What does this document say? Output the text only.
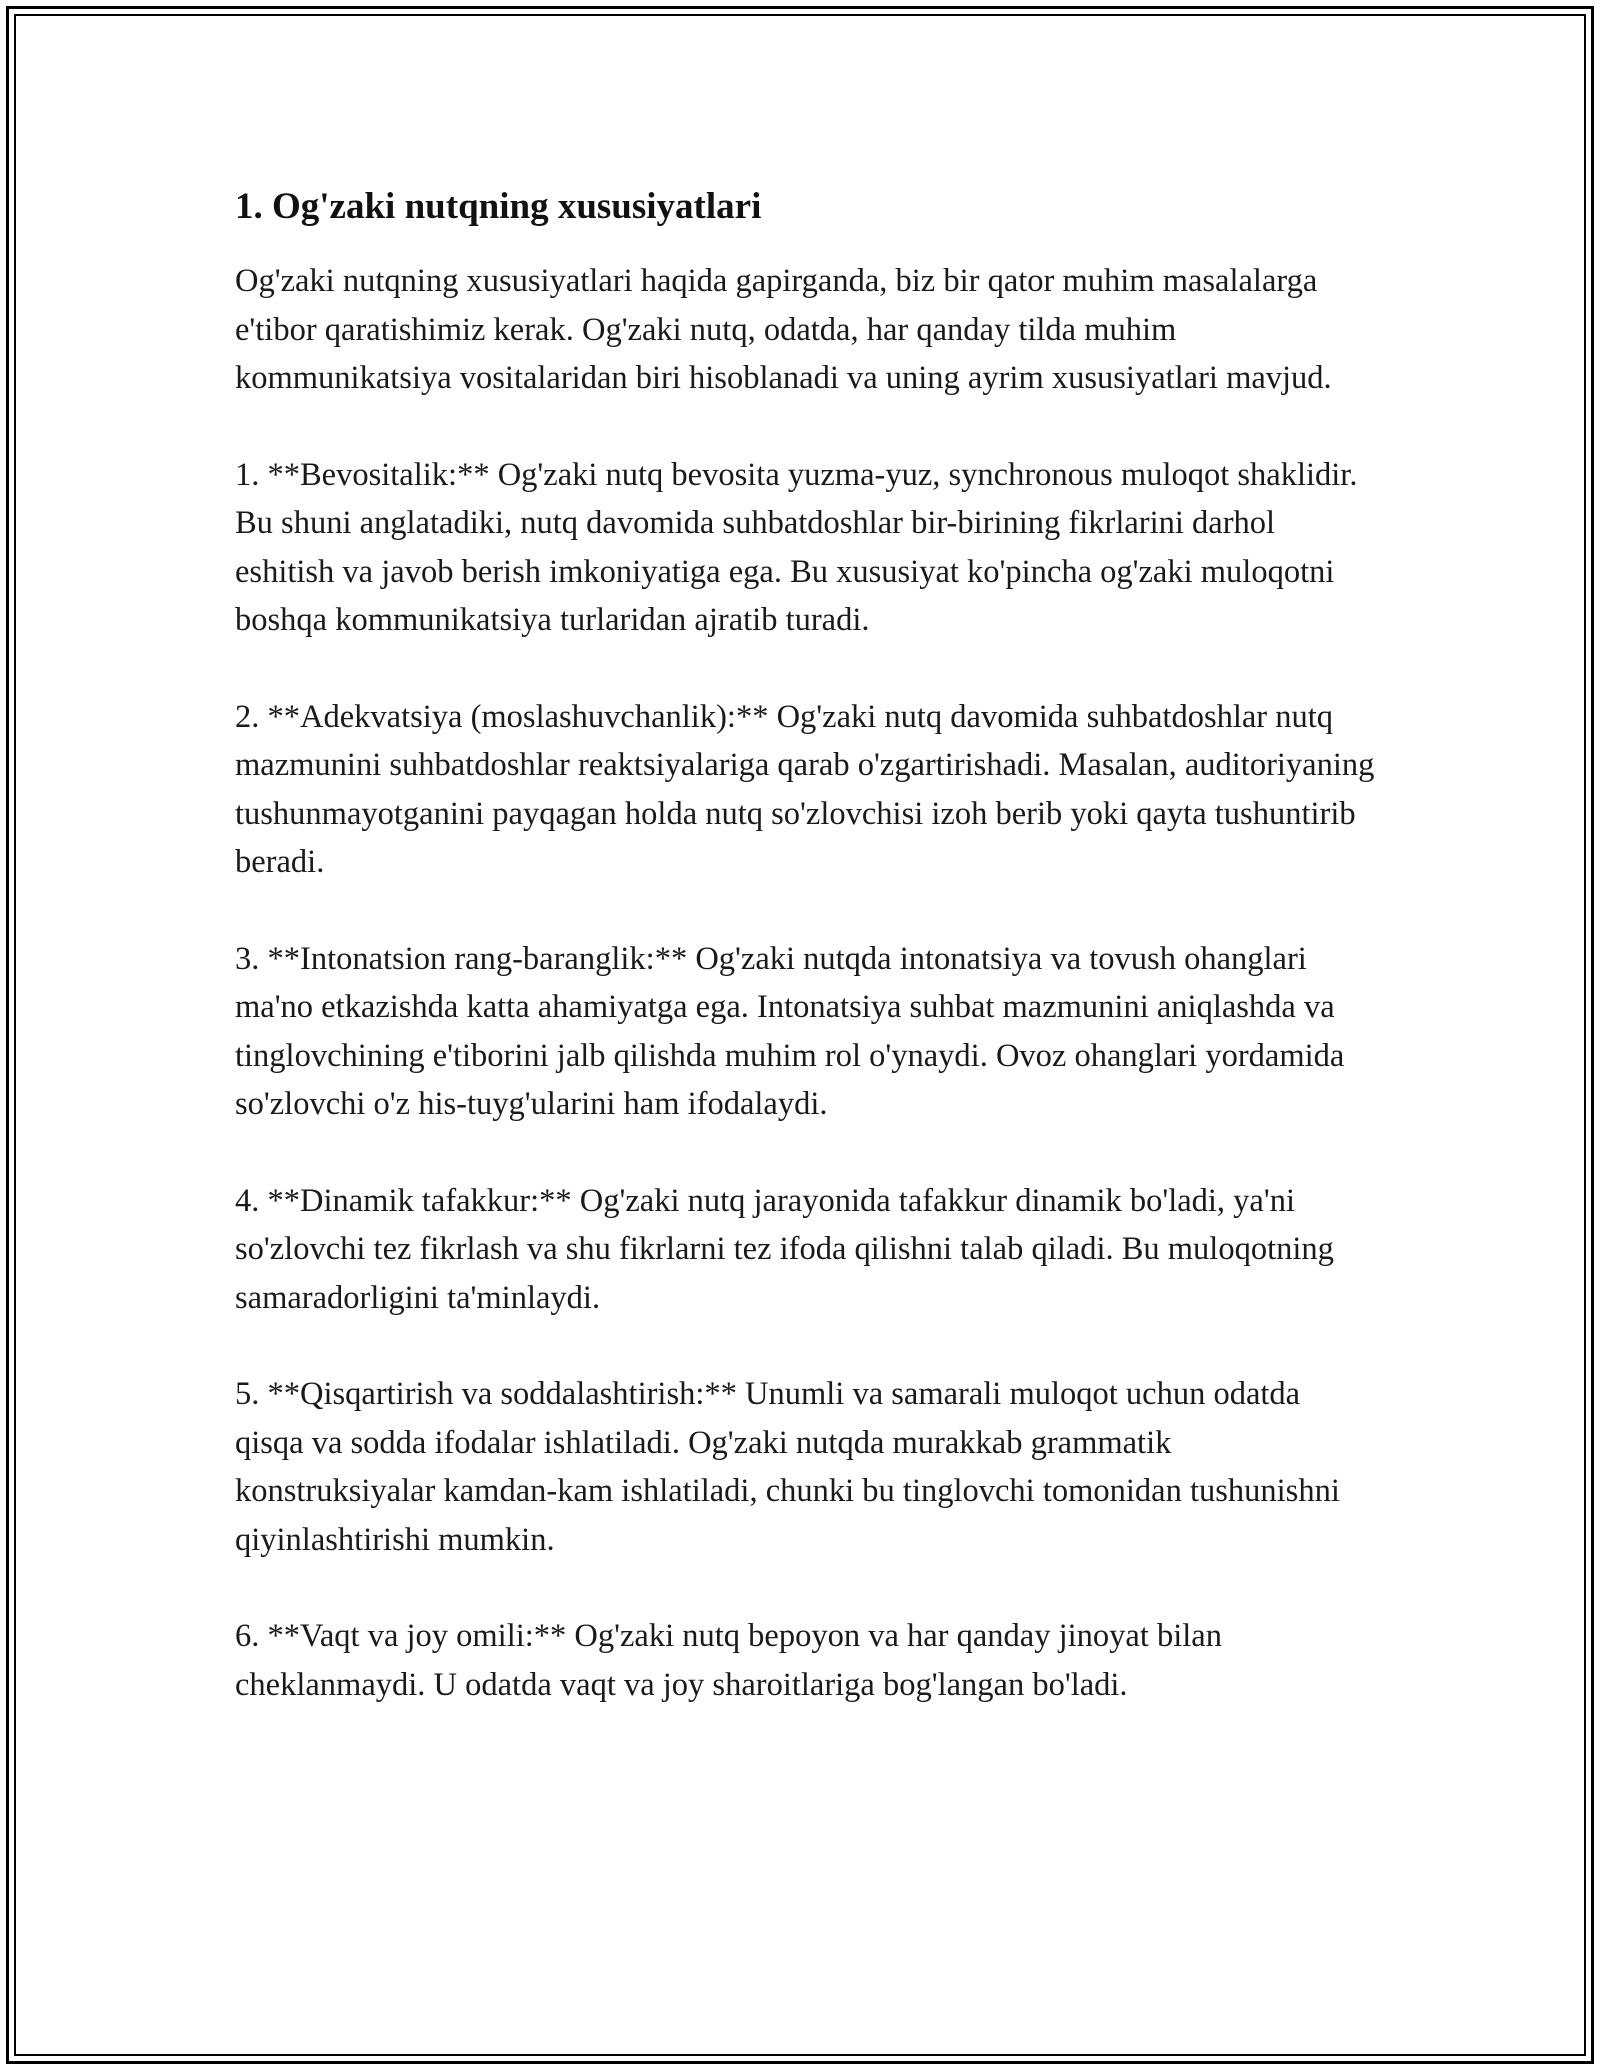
1. Og'zaki nutqning xususiyatlari

Og'zaki nutqning xususiyatlari haqida gapirganda, biz bir qator muhim masalalarga e'tibor qaratishimiz kerak. Og'zaki nutq, odatda, har qanday tilda muhim kommunikatsiya vositalaridan biri hisoblanadi va uning ayrim xususiyatlari mavjud.

1. **Bevositalik:** Og'zaki nutq bevosita yuzma-yuz, synchronous muloqot shaklidir. Bu shuni anglatadiki, nutq davomida suhbatdoshlar bir-birining fikrlarini darhol eshitish va javob berish imkoniyatiga ega. Bu xususiyat ko'pincha og'zaki muloqotni boshqa kommunikatsiya turlaridan ajratib turadi.

2. **Adekvatsiya (moslashuvchanlik):** Og'zaki nutq davomida suhbatdoshlar nutq mazmunini suhbatdoshlar reaktsiyalariga qarab o'zgartirishadi. Masalan, auditoriyaning tushunmayotganini payqagan holda nutq so'zlovchisi izoh berib yoki qayta tushuntirib beradi.

3. **Intonatsion rang-baranglik:** Og'zaki nutqda intonatsiya va tovush ohanglari ma'no etkazishda katta ahamiyatga ega. Intonatsiya suhbat mazmunini aniqlashda va tinglovchining e'tiborini jalb qilishda muhim rol o'ynaydi. Ovoz ohanglari yordamida so'zlovchi o'z his-tuyg'ularini ham ifodalaydi.

4. **Dinamik tafakkur:** Og'zaki nutq jarayonida tafakkur dinamik bo'ladi, ya'ni so'zlovchi tez fikrlash va shu fikrlarni tez ifoda qilishni talab qiladi. Bu muloqotning samaradorligini ta'minlaydi.

5. **Qisqartirish va soddalashtirish:** Unumli va samarali muloqot uchun odatda qisqa va sodda ifodalar ishlatiladi. Og'zaki nutqda murakkab grammatik konstruksiyalar kamdan-kam ishlatiladi, chunki bu tinglovchi tomonidan tushunishni qiyinlashtirishi mumkin.

6. **Vaqt va joy omili:** Og'zaki nutq bepoyon va har qanday jinoyat bilan cheklanmaydi. U odatda vaqt va joy sharoitlariga bog'langan bo'ladi.
